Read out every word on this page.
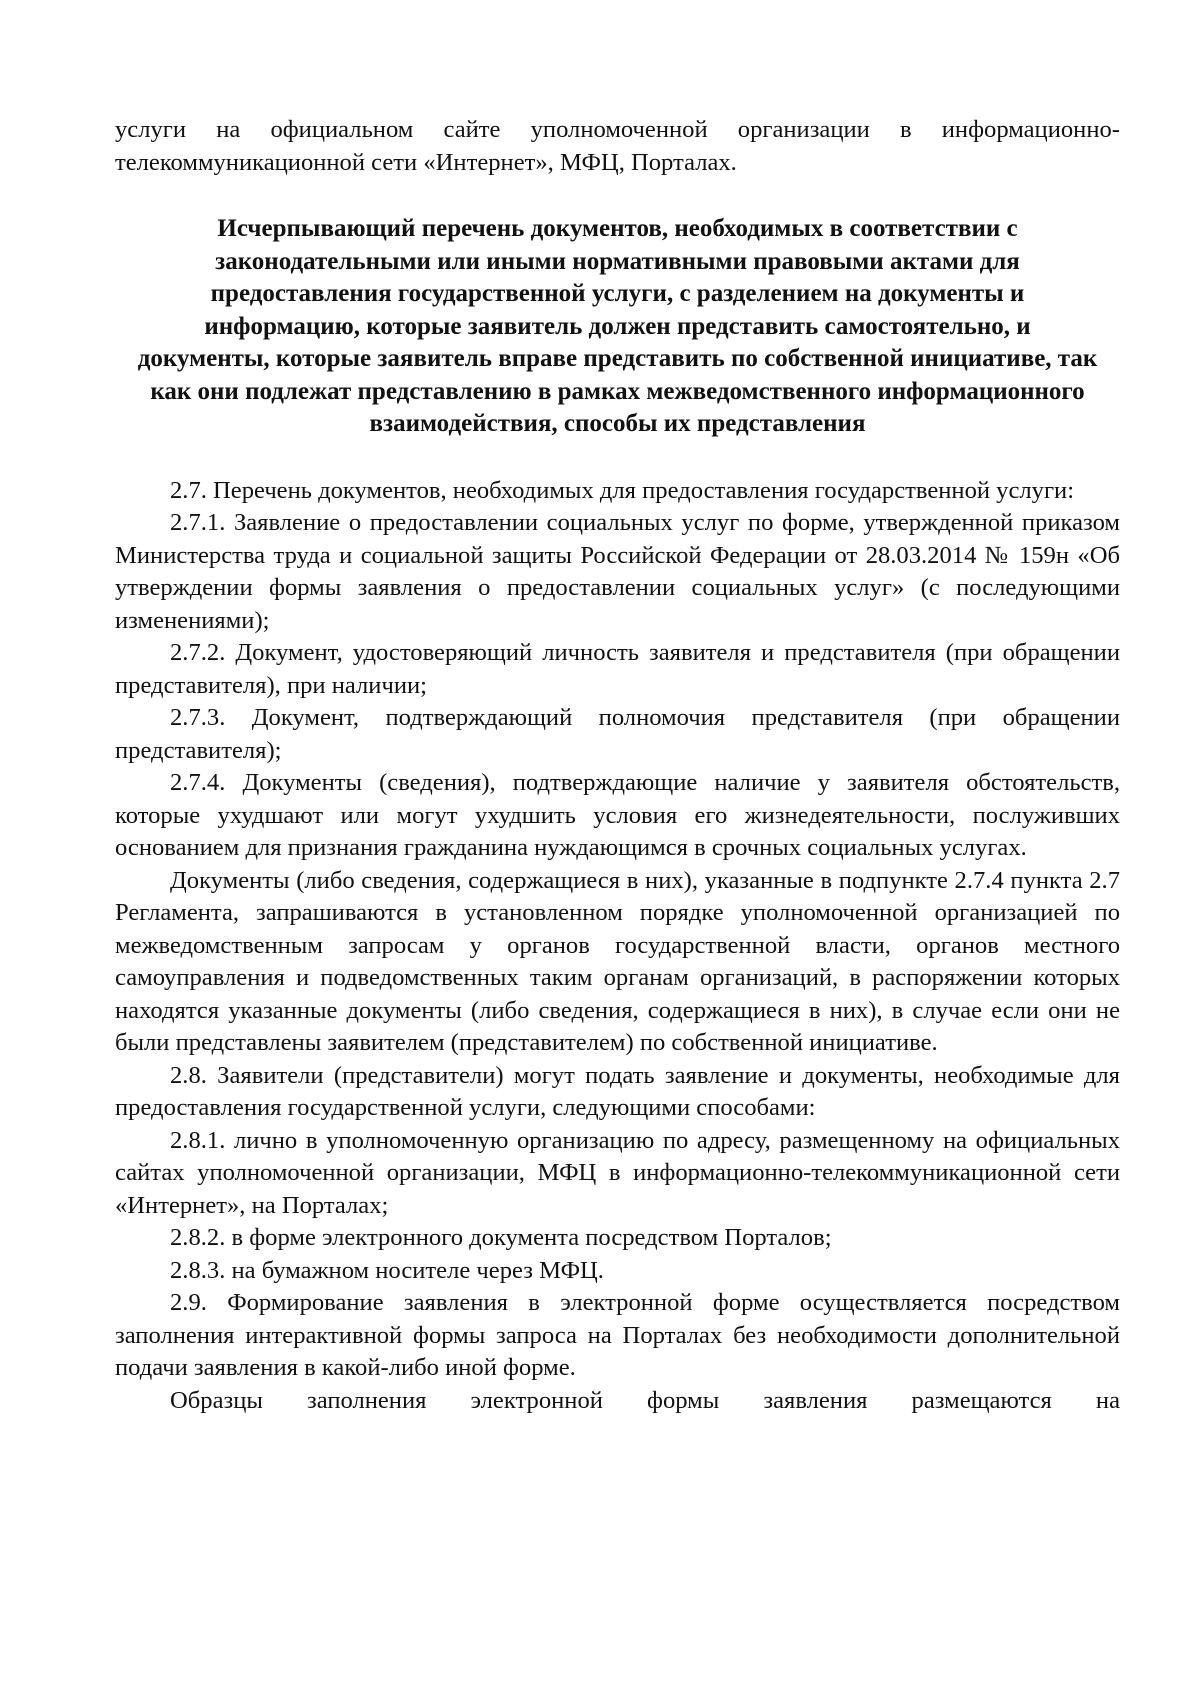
услуги на официальном сайте уполномоченной организации в информационно-телекоммуникационной сети «Интернет», МФЦ, Порталах.

Исчерпывающий перечень документов, необходимых в соответствии с законодательными или иными нормативными правовыми актами для предоставления государственной услуги, с разделением на документы и информацию, которые заявитель должен представить самостоятельно, и документы, которые заявитель вправе представить по собственной инициативе, так как они подлежат представлению в рамках межведомственного информационного взаимодействия, способы их представления

2.7. Перечень документов, необходимых для предоставления государственной услуги:

2.7.1. Заявление о предоставлении социальных услуг по форме, утвержденной приказом Министерства труда и социальной защиты Российской Федерации от 28.03.2014 № 159н «Об утверждении формы заявления о предоставлении социальных услуг» (с последующими изменениями);

2.7.2. Документ, удостоверяющий личность заявителя и представителя (при обращении представителя), при наличии;

2.7.3. Документ, подтверждающий полномочия представителя (при обращении представителя);

2.7.4. Документы (сведения), подтверждающие наличие у заявителя обстоятельств, которые ухудшают или могут ухудшить условия его жизнедеятельности, послуживших основанием для признания гражданина нуждающимся в срочных социальных услугах.

Документы (либо сведения, содержащиеся в них), указанные в подпункте 2.7.4 пункта 2.7 Регламента, запрашиваются в установленном порядке уполномоченной организацией по межведомственным запросам у органов государственной власти, органов местного самоуправления и подведомственных таким органам организаций, в распоряжении которых находятся указанные документы (либо сведения, содержащиеся в них), в случае если они не были представлены заявителем (представителем) по собственной инициативе.

2.8. Заявители (представители) могут подать заявление и документы, необходимые для предоставления государственной услуги, следующими способами:

2.8.1. лично в уполномоченную организацию по адресу, размещенному на официальных сайтах уполномоченной организации, МФЦ в информационно-телекоммуникационной сети «Интернет», на Порталах;

2.8.2. в форме электронного документа посредством Порталов;

2.8.3. на бумажном носителе через МФЦ.

2.9. Формирование заявления в электронной форме осуществляется посредством заполнения интерактивной формы запроса на Порталах без необходимости дополнительной подачи заявления в какой-либо иной форме.

Образцы заполнения электронной формы заявления размещаются на
